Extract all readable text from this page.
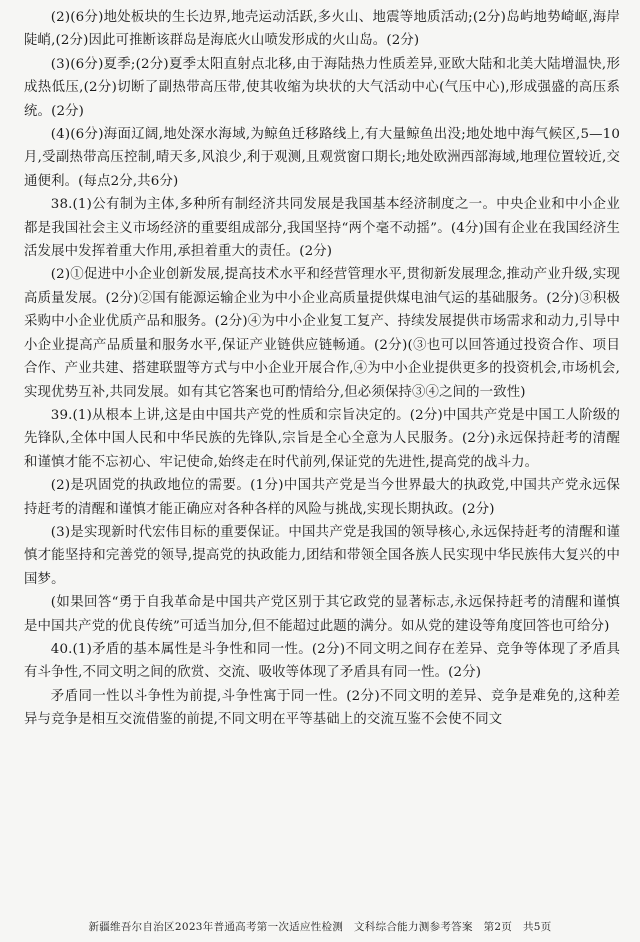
(2)(6分)地处板块的生长边界,地壳运动活跃,多火山、地震等地质活动;(2分)岛屿地势崎岖,海岸陡峭,(2分)因此可推断该群岛是海底火山喷发形成的火山岛。(2分)

(3)(6分)夏季;(2分)夏季太阳直射点北移,由于海陆热力性质差异,亚欧大陆和北美大陆增温快,形成热低压,(2分)切断了副热带高压带,使其收缩为块状的大气活动中心(气压中心),形成强盛的高压系统。(2分)

(4)(6分)海面辽阔,地处深水海域,为鲸鱼迁移路线上,有大量鲸鱼出没;地处地中海气候区,5—10月,受副热带高压控制,晴天多,风浪少,利于观测,且观赏窗口期长;地处欧洲西部海域,地理位置较近,交通便利。(每点2分,共6分)

38.(1)公有制为主体,多种所有制经济共同发展是我国基本经济制度之一。中央企业和中小企业都是我国社会主义市场经济的重要组成部分,我国坚持“两个毫不动摇”。(4分)国有企业在我国经济生活发展中发挥着重大作用,承担着重大的责任。(2分)

(2)①促进中小企业创新发展,提高技术水平和经营管理水平,贯彻新发展理念,推动产业升级,实现高质量发展。(2分)②国有能源运输企业为中小企业高质量提供煤电油气运的基础服务。(2分)③积极采购中小企业优质产品和服务。(2分)④为中小企业复工复产、持续发展提供市场需求和动力,引导中小企业提高产品质量和服务水平,保证产业链供应链畅通。(2分)(③也可以回答通过投资合作、项目合作、产业共建、搭建联盟等方式与中小企业开展合作,④为中小企业提供更多的投资机会,市场机会,实现优势互补,共同发展。如有其它答案也可酌情给分,但必须保持③④之间的一致性)

39.(1)从根本上讲,这是由中国共产党的性质和宗旨决定的。(2分)中国共产党是中国工人阶级的先锋队,全体中国人民和中华民族的先锋队,宗旨是全心全意为人民服务。(2分)永远保持赶考的清醒和谨慎才能不忘初心、牢记使命,始终走在时代前列,保证党的先进性,提高党的战斗力。

(2)是巩固党的执政地位的需要。(1分)中国共产党是当今世界最大的执政党,中国共产党永远保持赶考的清醒和谨慎才能正确应对各种各样的风险与挑战,实现长期执政。(2分)

(3)是实现新时代宏伟目标的重要保证。中国共产党是我国的领导核心,永远保持赶考的清醒和谨慎才能坚持和完善党的领导,提高党的执政能力,团结和带领全国各族人民实现中华民族伟大复兴的中国梦。

(如果回答“勇于自我革命是中国共产党区别于其它政党的显著标志,永远保持赶考的清醒和谨慎是中国共产党的优良传统”可适当加分,但不能超过此题的满分。如从党的建设等角度回答也可给分)

40.(1)矛盾的基本属性是斗争性和同一性。(2分)不同文明之间存在差异、竞争等体现了矛盾具有斗争性,不同文明之间的欣赏、交流、吸收等体现了矛盾具有同一性。(2分)

矛盾同一性以斗争性为前提,斗争性寓于同一性。(2分)不同文明的差异、竞争是难免的,这种差异与竞争是相互交流借鉴的前提,不同文明在平等基础上的交流互鉴不会使不同文

新疆维吾尔自治区2023年普通高考第一次适应性检测　文科综合能力测参考答案　第2页　共5页
